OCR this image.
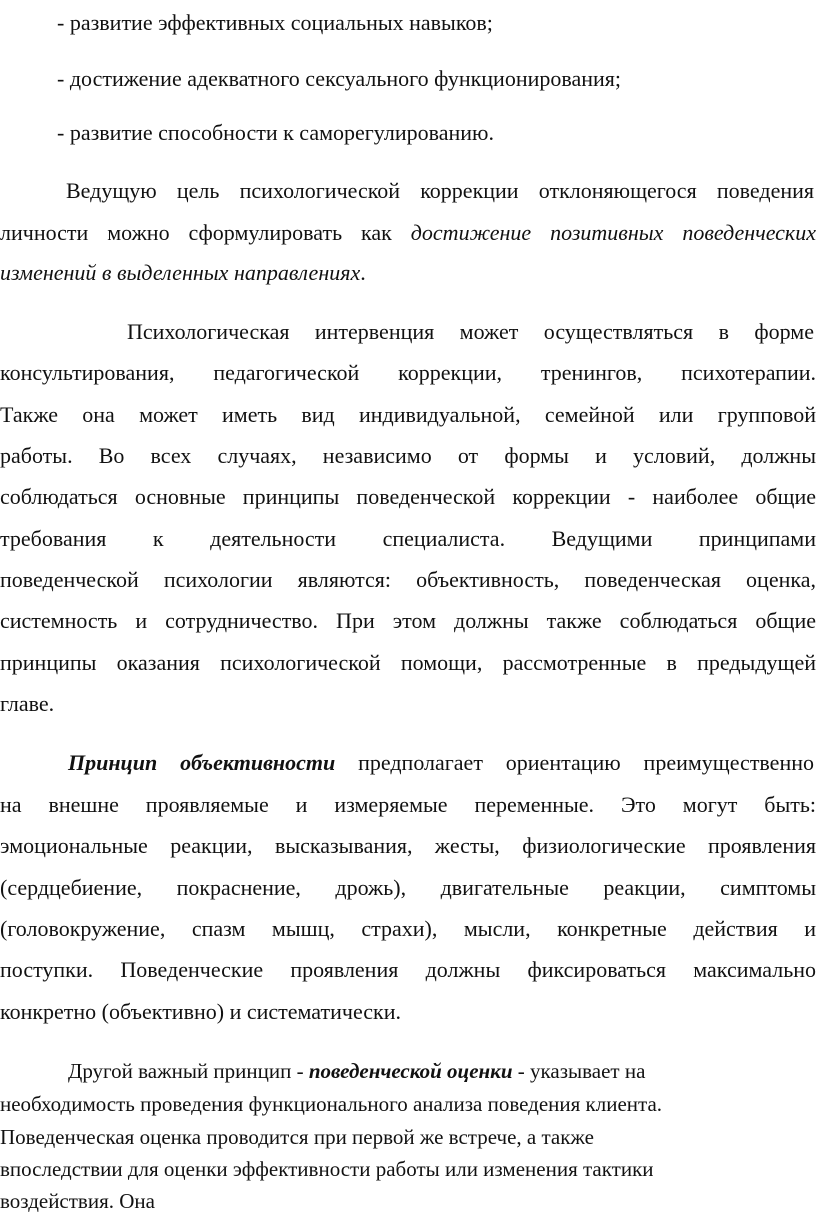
- развитие эффективных социальных навыков;
- достижение адекватного сексуального функционирования;
- развитие способности к саморегулированию.
Ведущую цель психологической коррекции отклоняющегося поведения
личности можно сформулировать как достижение позитивных поведенческих
изменений в выделенных направлениях.
Психологическая интервенция может осуществляться в форме
консультирования, педагогической коррекции, тренингов, психотерапии.
Также она может иметь вид индивидуальной, семейной или групповой
работы. Во всех случаях, независимо от формы и условий, должны
соблюдаться основные принципы поведенческой коррекции - наиболее общие
требования к деятельности специалиста. Ведущими принципами
поведенческой психологии являются: объективность, поведенческая оценка,
системность и сотрудничество. При этом должны также соблюдаться общие
принципы оказания психологической помощи, рассмотренные в предыдущей
главе.
Принцип объективности предполагает ориентацию преимущественно
на внешне проявляемые и измеряемые переменные. Это могут быть:
эмоциональные реакции, высказывания, жесты, физиологические проявления
(сердцебиение, покраснение, дрожь), двигательные реакции, симптомы
(головокружение, спазм мышц, страхи), мысли, конкретные действия и
поступки. Поведенческие проявления должны фиксироваться максимально
конкретно (объективно) и систематически.
Другой важный принцип - поведенческой оценки - указывает на
необходимость проведения функционального анализа поведения клиента.
Поведенческая оценка проводится при первой же встрече, а также
впоследствии для оценки эффективности работы или изменения тактики
воздействия. Она
